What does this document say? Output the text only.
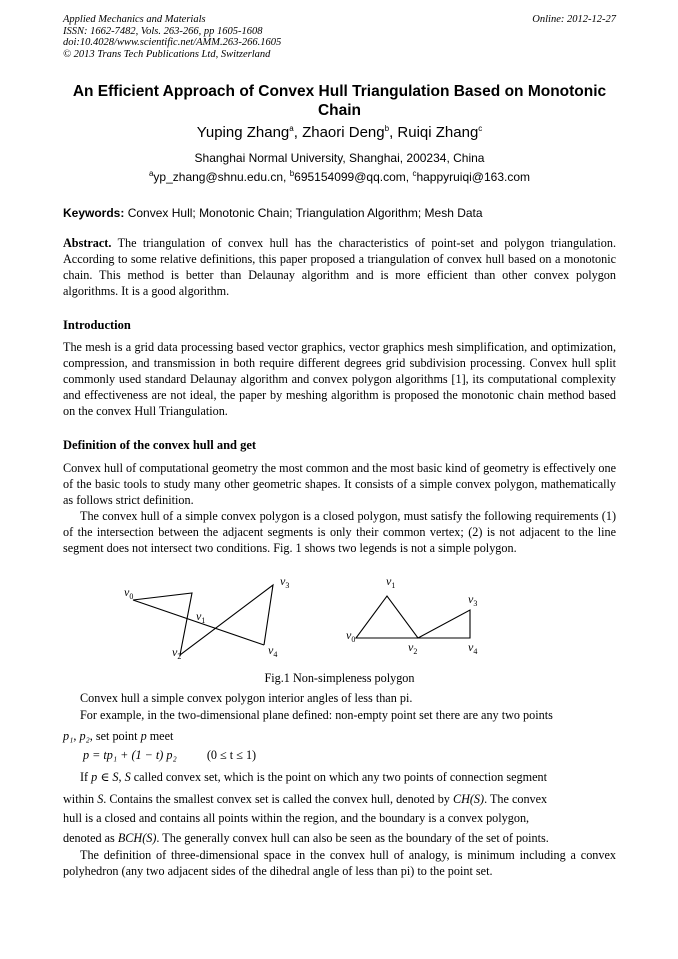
Applied Mechanics and Materials
ISSN: 1662-7482, Vols. 263-266, pp 1605-1608
doi:10.4028/www.scientific.net/AMM.263-266.1605
© 2013 Trans Tech Publications Ltd, Switzerland
Online: 2012-12-27
An Efficient Approach of Convex Hull Triangulation Based on Monotonic Chain
Yuping Zhang$^a$, Zhaori Deng$^b$, Ruiqi Zhang$^c$
Shanghai Normal University, Shanghai, 200234, China
$^a$yp_zhang@shnu.edu.cn, $^b$695154099@qq.com, $^c$happyruiqi@163.com
Keywords: Convex Hull; Monotonic Chain; Triangulation Algorithm; Mesh Data
Abstract. The triangulation of convex hull has the characteristics of point-set and polygon triangulation. According to some relative definitions, this paper proposed a triangulation of convex hull based on a monotonic chain. This method is better than Delaunay algorithm and is more efficient than other convex polygon algorithms. It is a good algorithm.
Introduction
The mesh is a grid data processing based vector graphics, vector graphics mesh simplification, and optimization, compression, and transmission in both require different degrees grid subdivision processing. Convex hull split commonly used standard Delaunay algorithm and convex polygon algorithms [1], its computational complexity and effectiveness are not ideal, the paper by meshing algorithm is proposed the monotonic chain method based on the convex Hull Triangulation.
Definition of the convex hull and get
Convex hull of computational geometry the most common and the most basic kind of geometry is effectively one of the basic tools to study many other geometric shapes. It consists of a simple convex polygon, mathematically as follows strict definition.
The convex hull of a simple convex polygon is a closed polygon, must satisfy the following requirements (1) of the intersection between the adjacent segments is only their common vertex; (2) is not adjacent to the line segment does not intersect two conditions. Fig. 1 shows two legends is not a simple polygon.
$v_0$
$v_1$
$v_2$
$v_3$
$v_4$
$v_0$
$v_1$
$v_2$
$v_3$
$v_4$
Fig.1 Non-simpleness polygon
Convex hull a simple convex polygon interior angles of less than pi.
For example, in the two-dimensional plane defined: non-empty point set there are any two points
p₁, p₂, set point p meet
p = tp₁ + (1 − t) p₂ (0 ≤ t ≤ 1)
If p ∈ S, S called convex set, which is the point on which any two points of connection segment
within S. Contains the smallest convex set is called the convex hull, denoted by CH(S). The convex
hull is a closed and contains all points within the region, and the boundary is a convex polygon,
denoted as BCH(S). The generally convex hull can also be seen as the boundary of the set of points.
The definition of three-dimensional space in the convex hull of analogy, is minimum including a convex polyhedron (any two adjacent sides of the dihedral angle of less than pi) to the point set.
